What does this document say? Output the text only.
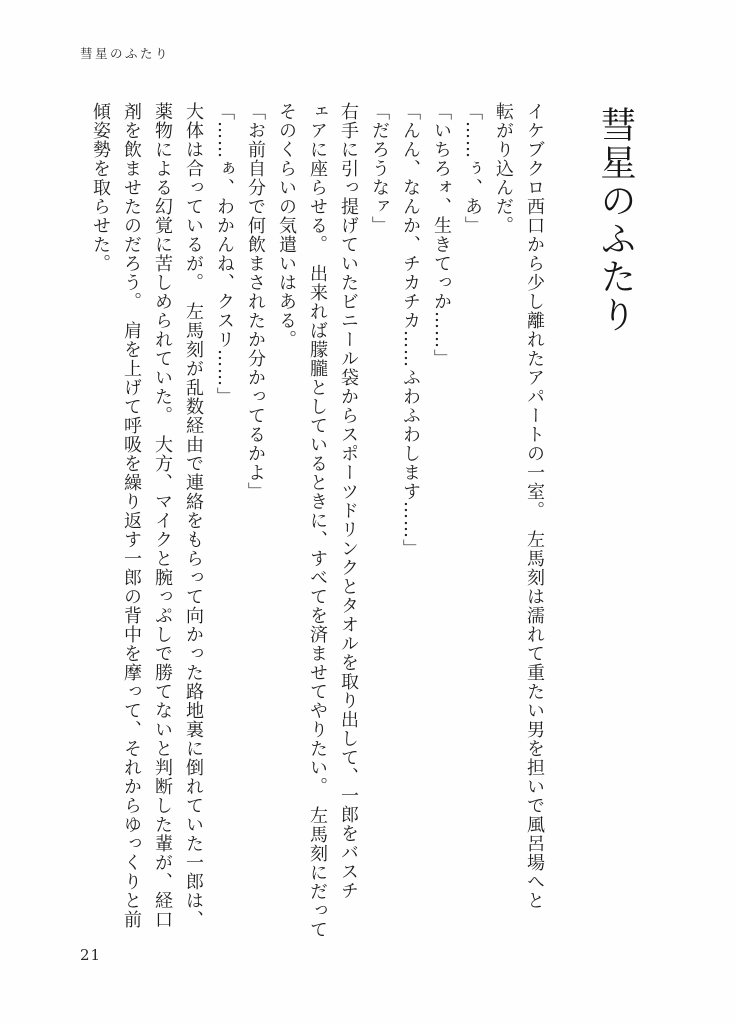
彗星のふたり
彗星のふたり
イケブクロ西口から少し離れたアパートの一室。　左馬刻は濡れて重たい男を担いで風呂場へと
転がり込んだ。
「……ぅ、あ」
「いちろォ、生きてっか……」
「んん、なんか、チカチカ……ふわふわします……」
「だろうなァ」
右手に引っ提げていたビニール袋からスポーツドリンクとタオルを取り出して、一郎をバスチ
ェアに座らせる。　出来れば朦朧としているときに、すべてを済ませてやりたい。　左馬刻にだって
そのくらいの気遣いはある。
「お前自分で何飲まされたか分かってるかよ」
「……ぁ、わかんね、クスリ……」
大体は合っているが。　左馬刻が乱数経由で連絡をもらって向かった路地裏に倒れていた一郎は、
薬物による幻覚に苦しめられていた。　大方、マイクと腕っぷしで勝てないと判断した輩が、経口
剤を飲ませたのだろう。　肩を上げて呼吸を繰り返す一郎の背中を摩って、それからゆっくりと前
傾姿勢を取らせた。
21
